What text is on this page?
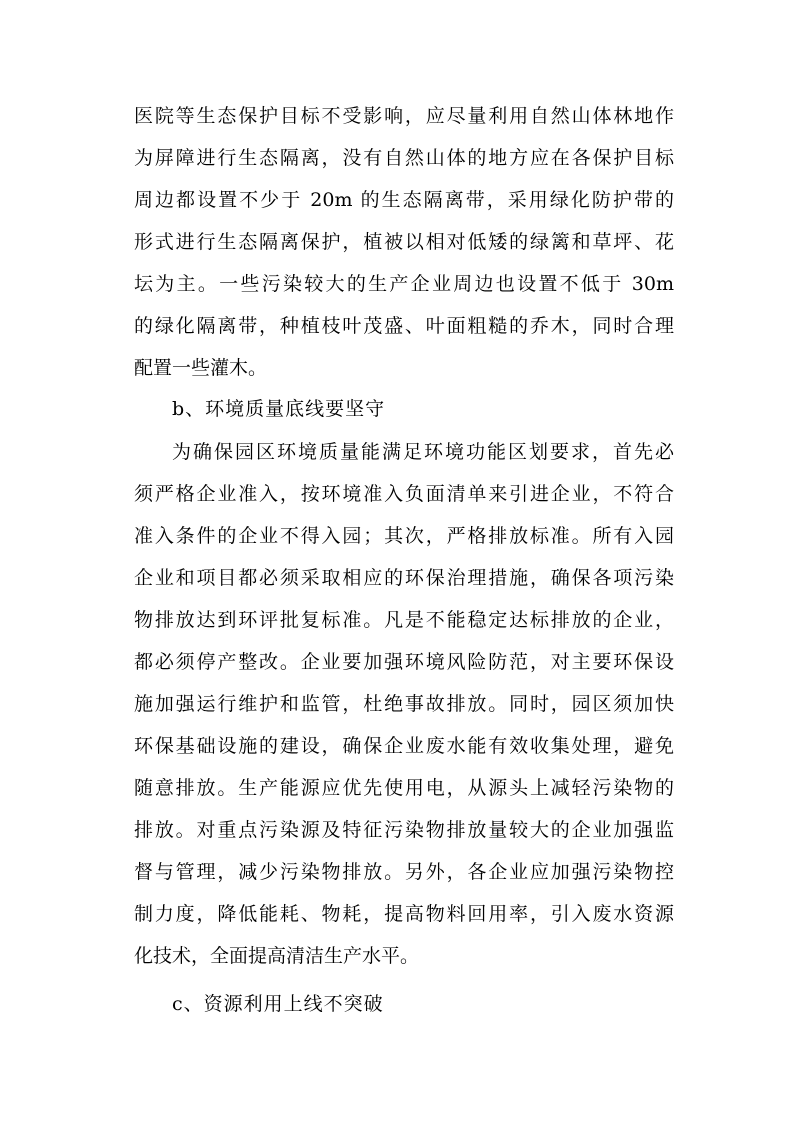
医院等生态保护目标不受影响，应尽量利用自然山体林地作
为屏障进行生态隔离，没有自然山体的地方应在各保护目标
周边都设置不少于 20m 的生态隔离带，采用绿化防护带的
形式进行生态隔离保护，植被以相对低矮的绿篱和草坪、花
坛为主。一些污染较大的生产企业周边也设置不低于 30m
的绿化隔离带，种植枝叶茂盛、叶面粗糙的乔木，同时合理
配置一些灌木。
b、环境质量底线要坚守
为确保园区环境质量能满足环境功能区划要求，首先必
须严格企业准入，按环境准入负面清单来引进企业，不符合
准入条件的企业不得入园；其次，严格排放标准。所有入园
企业和项目都必须采取相应的环保治理措施，确保各项污染
物排放达到环评批复标准。凡是不能稳定达标排放的企业，
都必须停产整改。企业要加强环境风险防范，对主要环保设
施加强运行维护和监管，杜绝事故排放。同时，园区须加快
环保基础设施的建设，确保企业废水能有效收集处理，避免
随意排放。生产能源应优先使用电，从源头上减轻污染物的
排放。对重点污染源及特征污染物排放量较大的企业加强监
督与管理，减少污染物排放。另外，各企业应加强污染物控
制力度，降低能耗、物耗，提高物料回用率，引入废水资源
化技术，全面提高清洁生产水平。
c、资源利用上线不突破
